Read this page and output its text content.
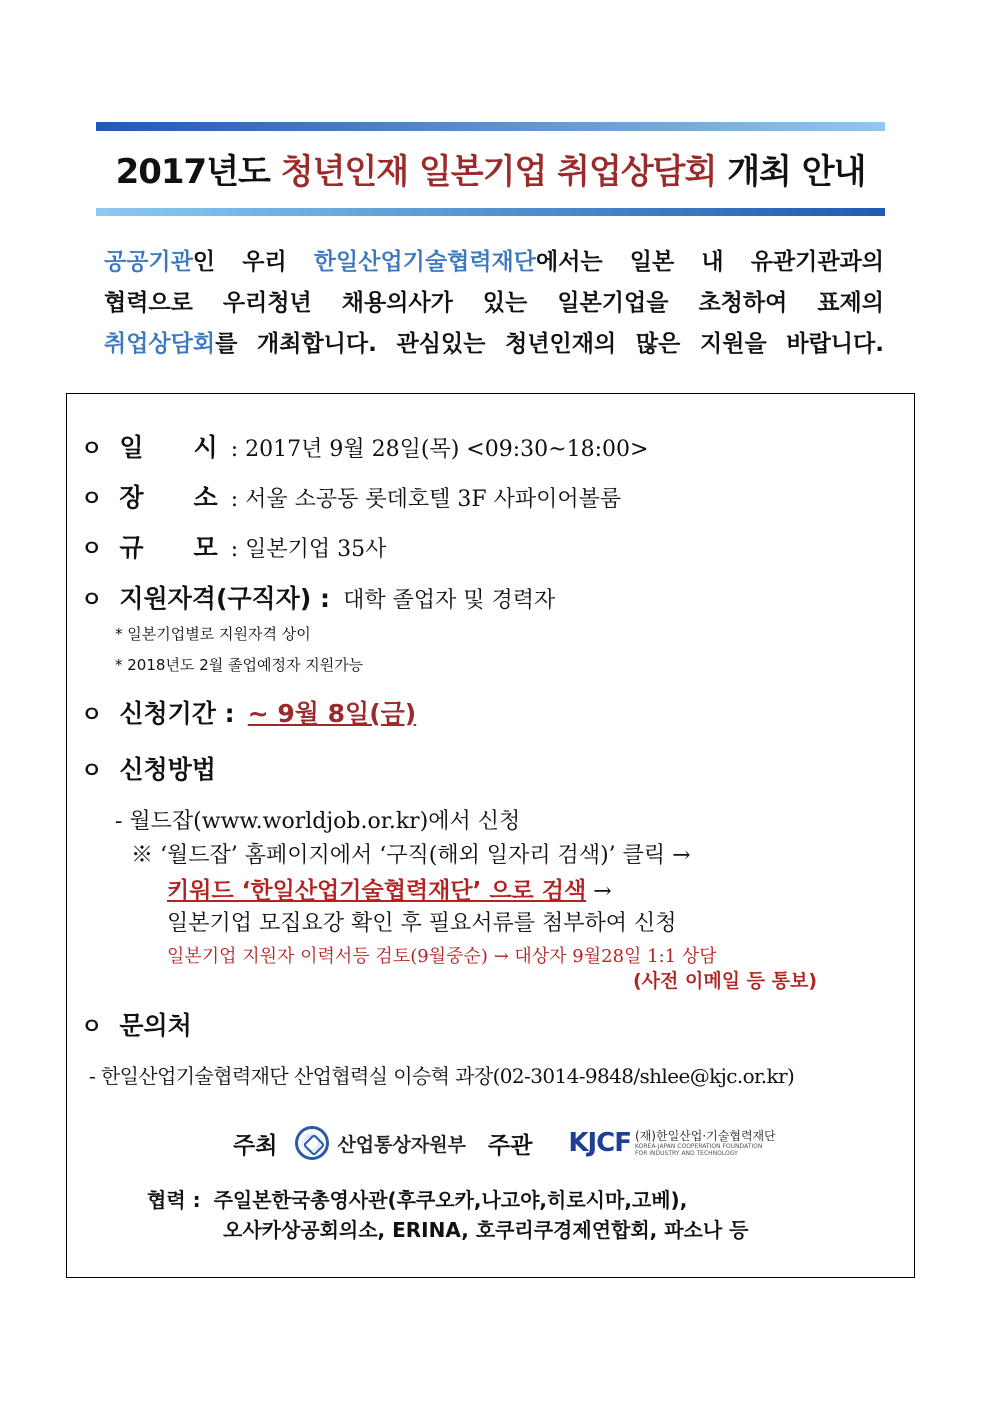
2017년도 청년인재 일본기업 취업상담회 개최 안내
공공기관인 우리 한일산업기술협력재단에서는 일본 내 유관기관과의
협력으로 우리청년 채용의사가 있는 일본기업을 초청하여 표제의
취업상담회를 개최합니다. 관심있는 청년인재의 많은 지원을 바랍니다.
ㅇ 일　　시 : 2017년 9월 28일(목) <09:30~18:00>
ㅇ 장　　소 : 서울 소공동 롯데호텔 3F 사파이어볼룸
ㅇ 규　　모 : 일본기업 35사
ㅇ 지원자격(구직자) : 대학 졸업자 및 경력자
* 일본기업별로 지원자격 상이
* 2018년도 2월 졸업예정자 지원가능
ㅇ 신청기간 : ~ 9월 8일(금)
ㅇ 신청방법
- 월드잡(www.worldjob.or.kr)에서 신청
※ ‘월드잡’ 홈페이지에서 ‘구직(해외 일자리 검색)’ 클릭 →
키워드 ‘한일산업기술협력재단’ 으로 검색 →
일본기업 모집요강 확인 후 필요서류를 첨부하여 신청
일본기업 지원자 이력서등 검토(9월중순) → 대상자 9월28일 1:1 상담
(사전 이메일 등 통보)
ㅇ 문의처
- 한일산업기술협력재단 산업협력실 이승혁 과장(02-3014-9848/shlee@kjc.or.kr)
주최	산업통상자원부 주관 KJCF (재)한일산업·기술협력재단
KOREA-JAPAN COOPERATION FOUNDATION
FOR INDUSTRY AND TECHNOLOGY
협력 : 주일본한국총영사관(후쿠오카,나고야,히로시마,고베),
오사카상공회의소, ERINA, 호쿠리쿠경제연합회, 파소나 등
